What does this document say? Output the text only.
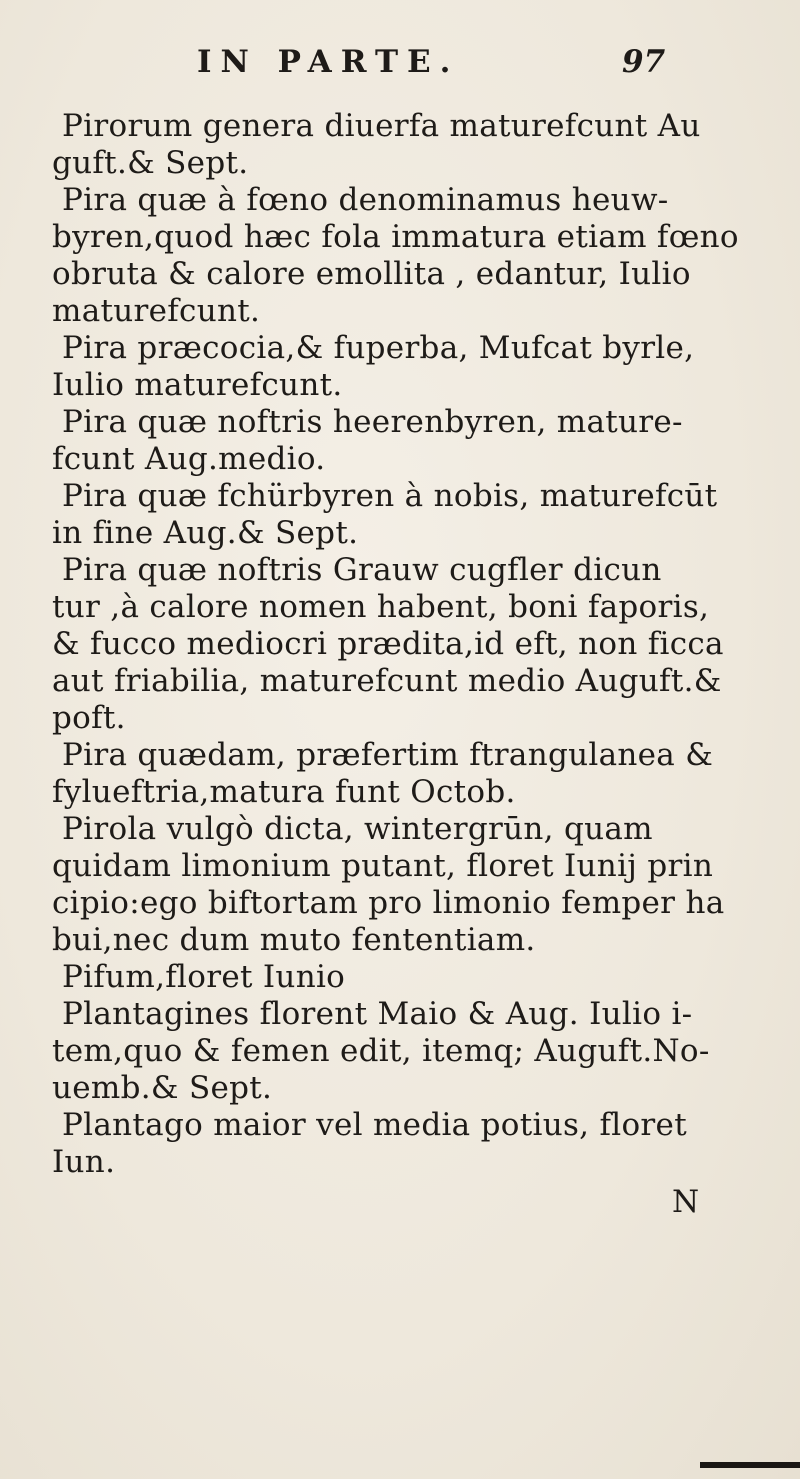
IN PARTE.	97
Pirorum genera diuerfa maturefcunt Au
guft.& Sept.
Pira quæ à fœno denominamus heuw-
byren,quod hæc fola immatura etiam fœno
obruta & calore emollita , edantur, Iulio
maturefcunt.
Pira præcocia,& fuperba, Mufcat byrle,
Iulio maturefcunt.
Pira quæ noftris heerenbyren, mature-
fcunt Aug.medio.
Pira quæ fchürbyren à nobis, maturefcūt
in fine Aug.& Sept.
Pira quæ noftris Grauw cugfler dicun
tur ,à calore nomen habent, boni faporis,
& fucco mediocri prædita,id eft, non ficca
aut friabilia, maturefcunt medio Auguft.&
poft.
Pira quædam, præfertim ftrangulanea &
fylueftria,matura funt Octob.
Pirola vulgò dicta, wintergrūn, quam
quidam limonium putant, floret Iunij prin
cipio:ego biftortam pro limonio femper ha
bui,nec dum muto fententiam.
Pifum,floret Iunio
Plantagines florent Maio & Aug. Iulio i-
tem,quo & femen edit, itemq; Auguft.No-
uemb.& Sept.
Plantago maior vel media potius, floret
Iun.
N
